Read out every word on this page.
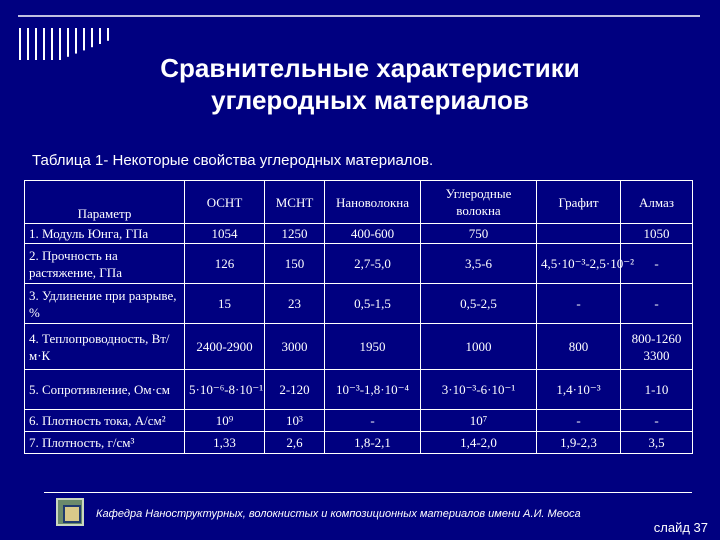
Сравнительные характеристики углеродных материалов
Таблица 1- Некоторые свойства углеродных материалов.
Параметр	ОСНТ	МСНТ	Нановолокна	Углеродные волокна	Графит	Алмаз
1. Модуль Юнга, ГПа	1054	1250	400-600	750		1050
2. Прочность на растяжение, ГПа	126	150	2,7-5,0	3,5-6	4,5·10⁻³-2,5·10⁻²	-
3. Удлинение при разрыве, %	15	23	0,5-1,5	0,5-2,5	-	-
4. Теплопроводность, Вт/м·К	2400-2900	3000	1950	1000	800	800-1260 3300
5. Сопротивление, Ом·см	5·10⁻⁶-8·10⁻¹	2-120	10⁻³-1,8·10⁻⁴	3·10⁻³-6·10⁻¹	1,4·10⁻³	1-10
6. Плотность тока, А/см²	10⁹	10³	-	10⁷	-	-
7. Плотность, г/см³	1,33	2,6	1,8-2,1	1,4-2,0	1,9-2,3	3,5
Кафедра Наноструктурных, волокнистых и композиционных материалов имени А.И. Меоса
слайд 37
